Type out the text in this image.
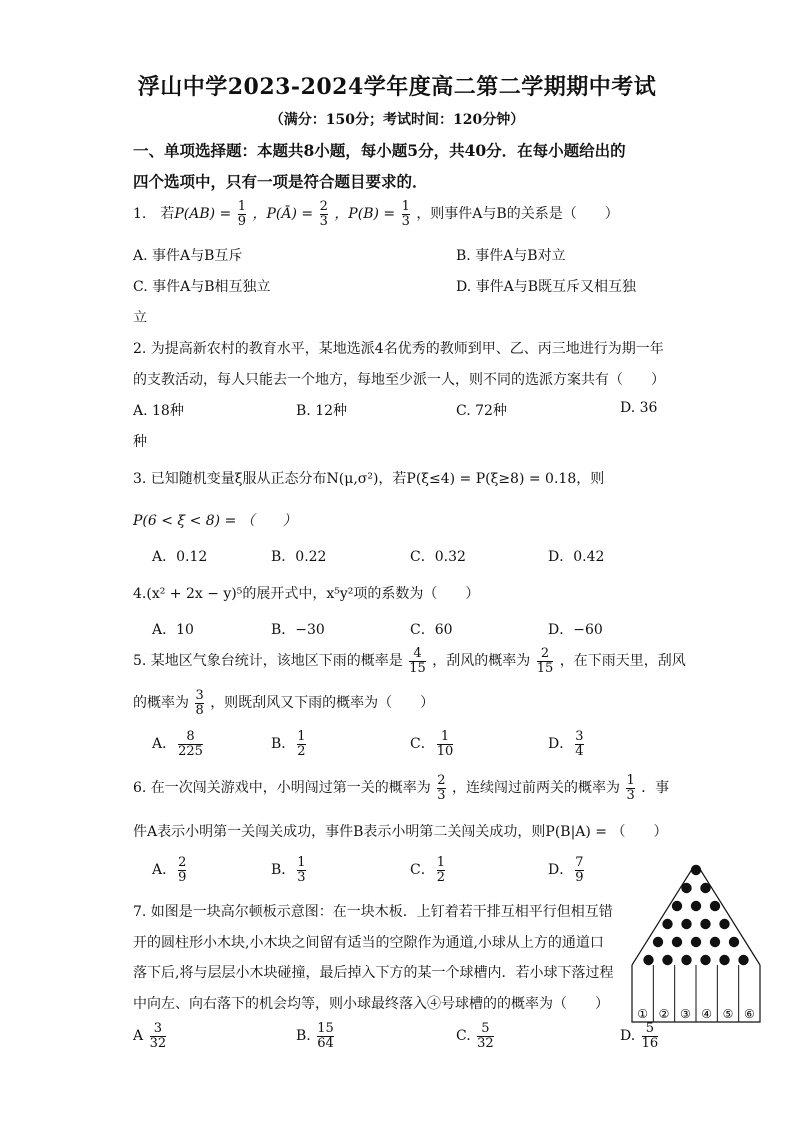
浮山中学2023-2024学年度高二第二学期期中考试
（满分：150分；考试时间：120分钟）
一、单项选择题：本题共8小题，每小题5分，共40分．在每小题给出的
四个选项中，只有一项是符合题目要求的．
1.　若$P(AB) = \frac{1}{9}$ ，P(Ā) = $\frac{2}{3}$ ，$P(B) = \frac{1}{3}$ ，则事件A与B的关系是（　　）
A. 事件A与B互斥	B. 事件A与B对立
C. 事件A与B相互独立	D. 事件A与B既互斥又相互独
立
2. 为提高新农村的教育水平，某地选派4名优秀的教师到甲、乙、丙三地进行为期一年
的支教活动，每人只能去一个地方，每地至少派一人，则不同的选派方案共有（　　）
A. 18种	B. 12种	C. 72种	D. 36
种
3. 已知随机变量ξ服从正态分布N(μ,σ²)，若P(ξ≤4) = P(ξ≥8) = 0.18，则
P(6 < ξ < 8) = （　　）
A．0.12	B．0.22	C．0.32	D．0.42
4.(x² + 2x − y)⁵的展开式中，x⁵y²项的系数为（　　）
A．10	B．−30	C．60	D．−60
5. 某地区气象台统计，该地区下雨的概率是 $\frac{4}{15}$ ，刮风的概率为 $\frac{2}{15}$ ，在下雨天里，刮风
的概率为 $\frac{3}{8}$ ，则既刮风又下雨的概率为（　　）
A． $\frac{8}{225}$	B． $\frac{1}{2}$	C． $\frac{1}{10}$	D． $\frac{3}{4}$
6. 在一次闯关游戏中，小明闯过第一关的概率为 $\frac{2}{3}$ ，连续闯过前两关的概率为 $\frac{1}{3}$ ．事
件A表示小明第一关闯关成功，事件B表示小明第二关闯关成功，则P(B|A) = （　　）
A． $\frac{2}{9}$	B． $\frac{1}{3}$	C． $\frac{1}{2}$	D． $\frac{7}{9}$
7. 如图是一块高尔顿板示意图：在一块木板．上钉着若干排互相平行但相互错
开的圆柱形小木块,小木块之间留有适当的空隙作为通道,小球从上方的通道口
落下后,将与层层小木块碰撞，最后掉入下方的某一个球槽内．若小球下落过程
中向左、向右落下的机会均等，则小球最终落入④号球槽的的概率为（　　）
A $\frac{3}{32}$	B. $\frac{15}{64}$	C. $\frac{5}{32}$	D. $\frac{5}{16}$
① ② ③ ④ ⑤ ⑥
